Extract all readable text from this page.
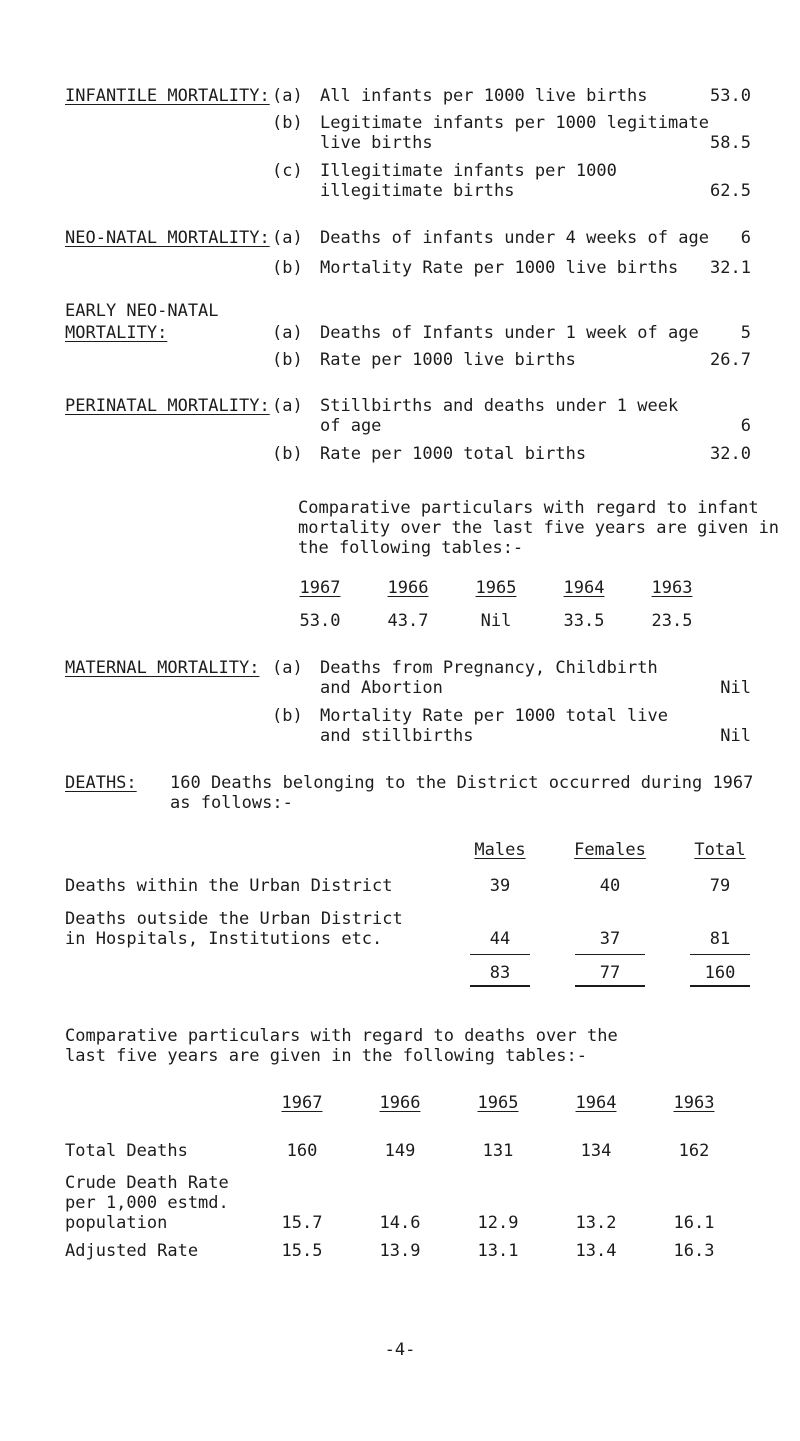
INFANTILE MORTALITY: (a) All infants per 1000 live births	53.0
(b) Legitimate infants per 1000 legitimate
live births	58.5
(c) Illegitimate infants per 1000
illegitimate births	62.5
NEO-NATAL MORTALITY: (a) Deaths of infants under 4 weeks of age	6
(b) Mortality Rate per 1000 live births	32.1
EARLY NEO-NATAL
MORTALITY:	(a) Deaths of Infants under 1 week of age	5
(b) Rate per 1000 live births	26.7
PERINATAL MORTALITY: (a) Stillbirths and deaths under 1 week
of age	6
(b) Rate per 1000 total births	32.0
Comparative particulars with regard to infant
mortality over the last five years are given in
the following tables:-
1967	1966	1965	1964	1963
53.0	43.7	Nil	33.5	23.5
MATERNAL MORTALITY: (a) Deaths from Pregnancy, Childbirth
and Abortion	Nil
(b) Mortality Rate per 1000 total live
and stillbirths	Nil
DEATHS: 160 Deaths belonging to the District occurred during 1967
as follows:-
Males	Females	Total
Deaths within the Urban District	39	40	79
Deaths outside the Urban District
in Hospitals, Institutions etc.	44	37	81
83	77	160
Comparative particulars with regard to deaths over the
last five years are given in the following tables:-
1967	1966	1965	1964	1963
Total Deaths	160	149	131	134	162
Crude Death Rate
per 1,000 estmd.
population	15.7	14.6	12.9	13.2	16.1
Adjusted Rate	15.5	13.9	13.1	13.4	16.3
-4-
